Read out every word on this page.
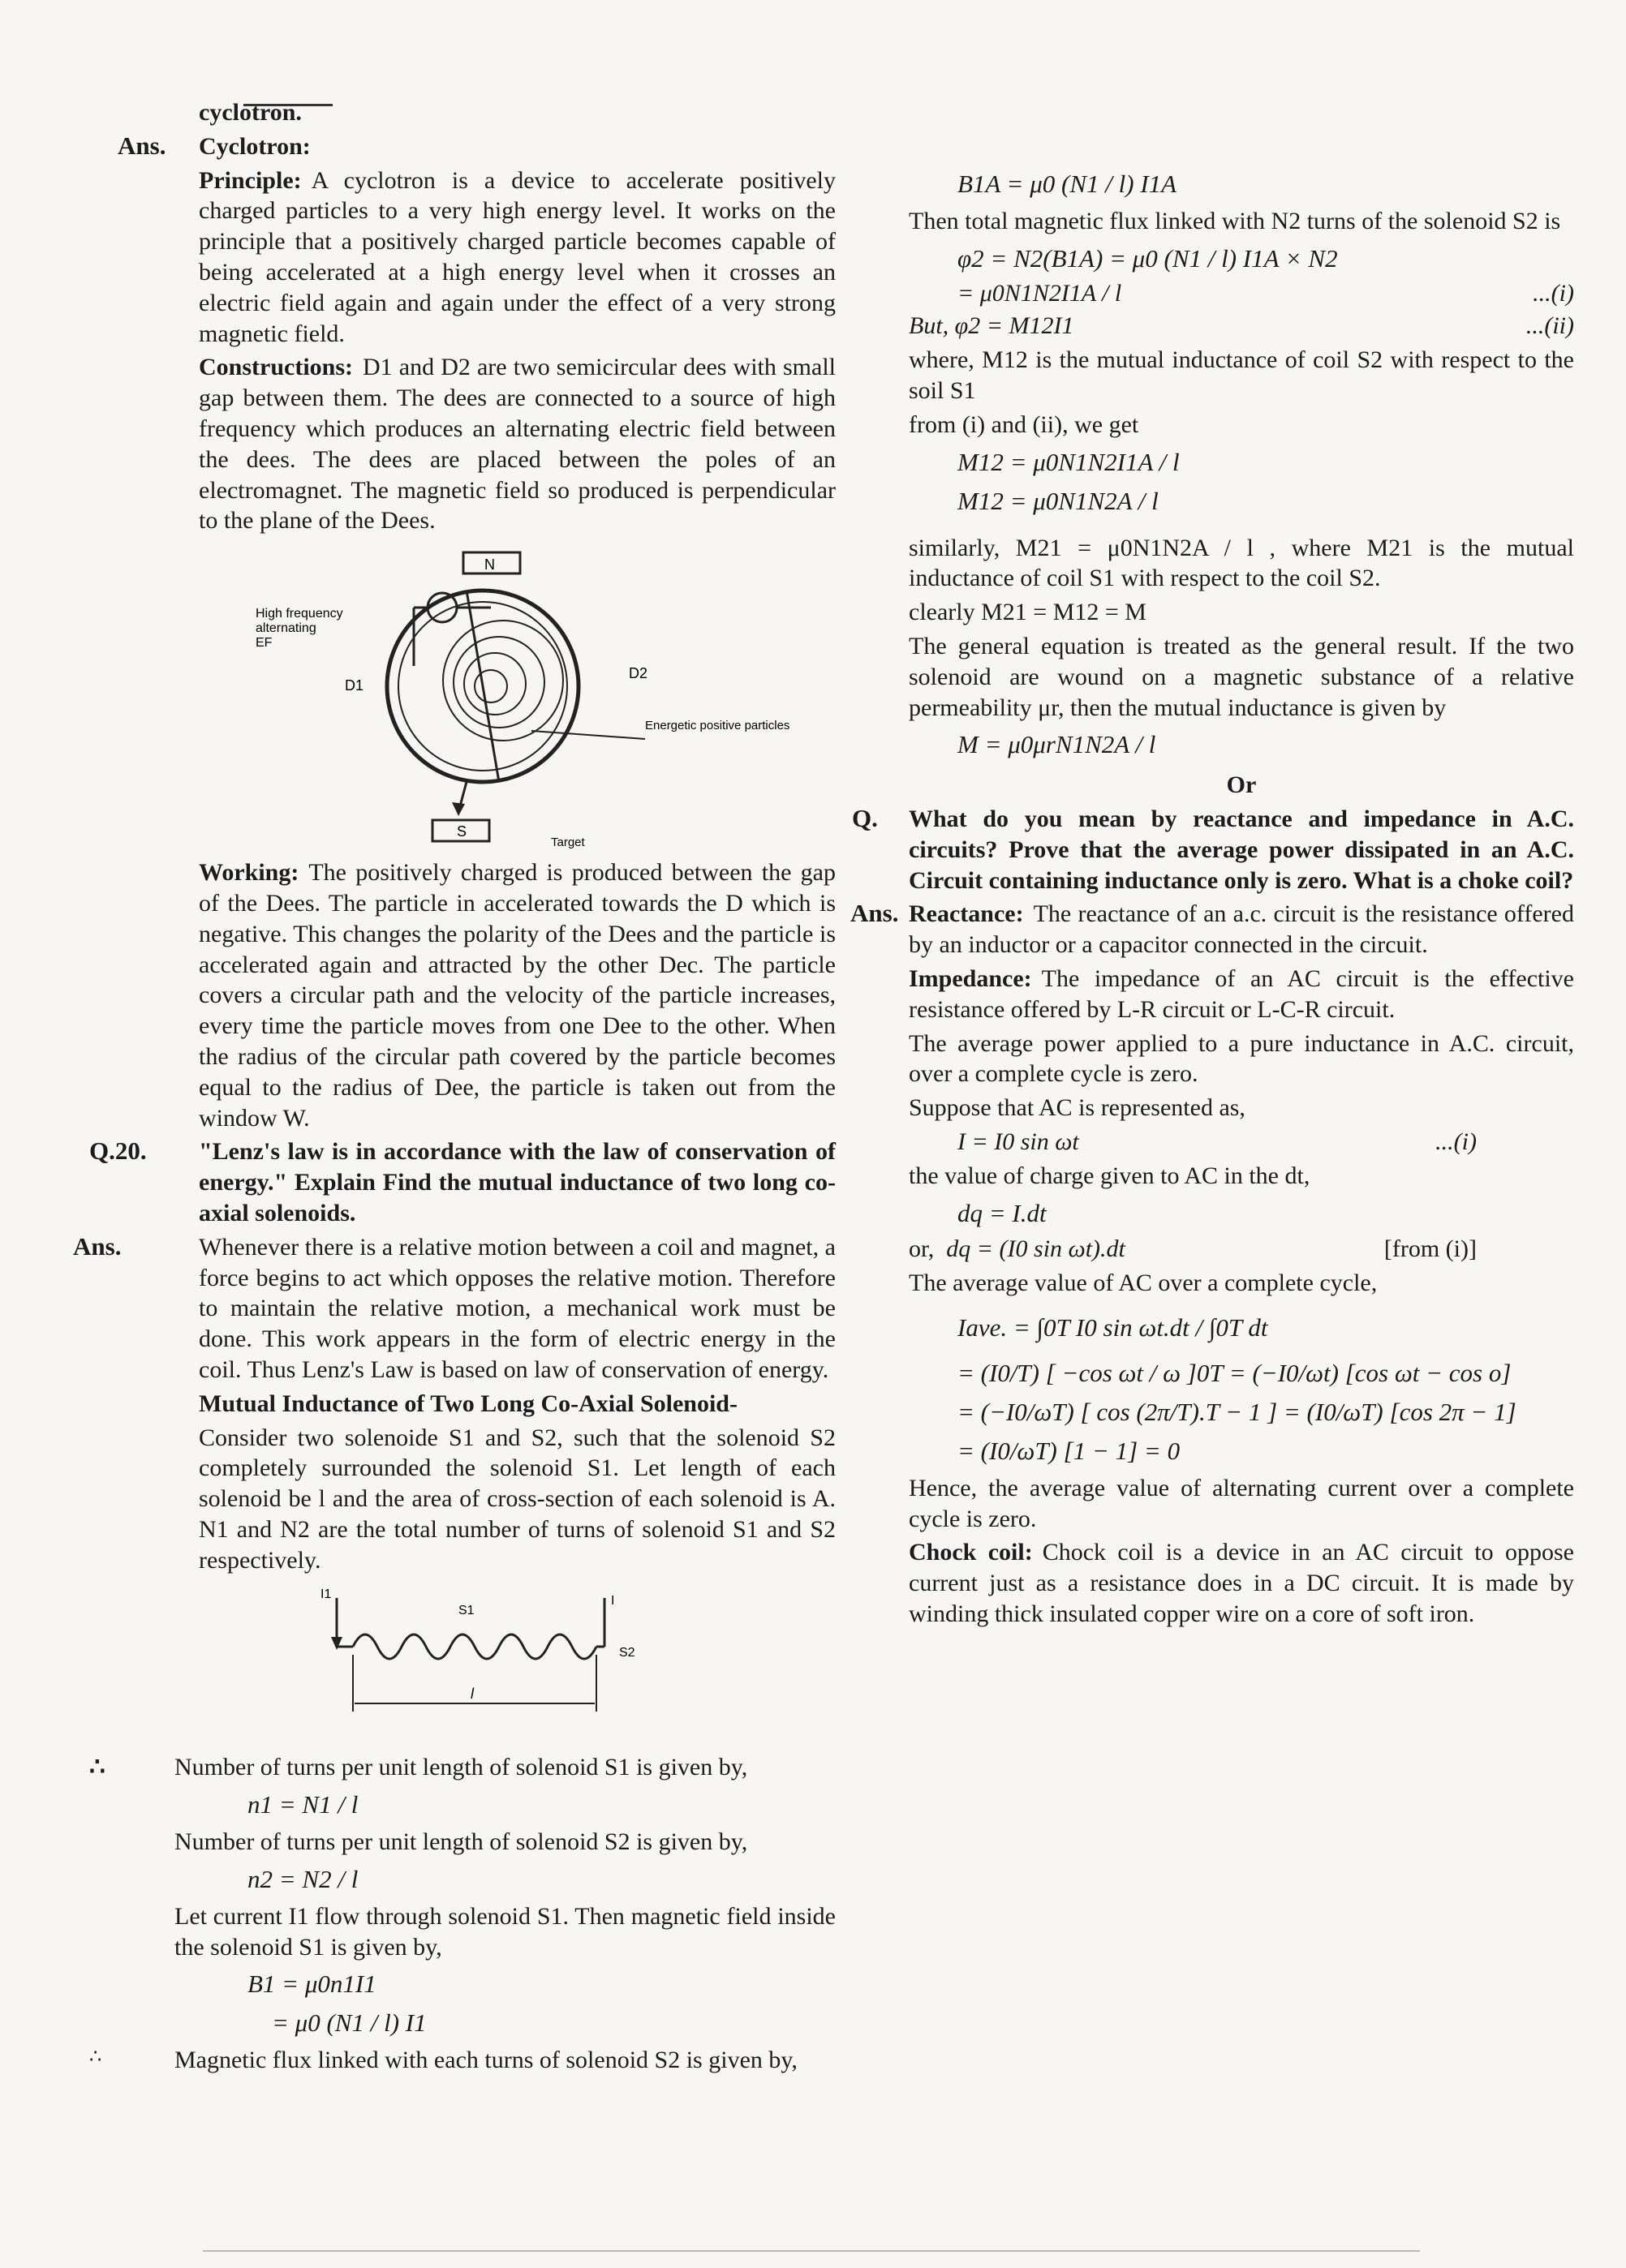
cyclotron.

Ans. Cyclotron:

Principle: A cyclotron is a device to accelerate positively charged particles to a very high energy level. It works on the principle that a positively charged particle becomes capable of being accelerated at a high energy level when it crosses an electric field again and again under the effect of a very strong magnetic field.

Constructions: D1 and D2 are two semicircular dees with small gap between them. The dees are connected to a source of high frequency which produces an alternating electric field between the dees. The dees are placed between the poles of an electromagnet. The magnetic field so produced is perpendicular to the plane of the Dees.

N
High frequency
alternating
EF
D1
D2
Energetic positive particles
S
Target

Working: The positively charged is produced between the gap of the Dees. The particle in accelerated towards the D which is negative. This changes the polarity of the Dees and the particle is accelerated again and attracted by the other Dec. The particle covers a circular path and the velocity of the particle increases, every time the particle moves from one Dee to the other. When the radius of the circular path covered by the particle becomes equal to the radius of Dee, the particle is taken out from the window W.

Q.20. "Lenz's law is in accordance with the law of conservation of energy." Explain Find the mutual inductance of two long co-axial solenoids.

Ans.	Whenever there is a relative motion between a coil and magnet, a force begins to act which opposes the relative motion. Therefore to maintain the relative motion, a mechanical work must be done. This work appears in the form of electric energy in the coil. Thus Lenz's Law is based on law of conservation of energy.

Mutual Inductance of Two Long Co-Axial Solenoid-

Consider two solenoide S1 and S2, such that the solenoid S2 completely surrounded the solenoid S1. Let length of each solenoid be l and the area of cross-section of each solenoid is A. N1 and N2 are the total number of turns of solenoid S1 and S2 respectively.

I1
S1
S2
I
l
∴	Number of turns per unit length of solenoid S1 is given by,

n1 = N1 / l

Number of turns per unit length of solenoid S2 is given by,

n2 = N2 / l

Let current I1 flow through solenoid S1. Then magnetic field inside the solenoid S1 is given by,

B1 = μ0n1I1

= μ0 (N1 / l) I1

∴	Magnetic flux linked with each turns of solenoid S2 is given by,

B1A = μ0 (N1 / l) I1A

Then total magnetic flux linked with N2 turns of the solenoid S2 is

φ2 = N2(B1A) = μ0 (N1 / l) I1A × N2

= μ0N1N2I1A / l	...(i)
But, φ2 = M12I1	...(ii)

where, M12 is the mutual inductance of coil S2 with respect to the soil S1

from (i) and (ii), we get

M12 = μ0N1N2I1A / l

M12 = μ0N1N2A / l

similarly, M21 = μ0N1N2A / l , where M21 is the mutual inductance of coil S1 with respect to the coil S2.

clearly M21 = M12 = M

The general equation is treated as the general result. If the two solenoid are wound on a magnetic substance of a relative permeability μr, then the mutual inductance is given by

M = μ0μrN1N2A / l

Or

Q. What do you mean by reactance and impedance in A.C. circuits? Prove that the average power dissipated in an A.C. Circuit containing inductance only is zero. What is a choke coil?

Ans. Reactance: The reactance of an a.c. circuit is the resistance offered by an inductor or a capacitor connected in the circuit.

Impedance: The impedance of an AC circuit is the effective resistance offered by L-R circuit or L-C-R circuit.

The average power applied to a pure inductance in A.C. circuit, over a complete cycle is zero.

Suppose that AC is represented as,

I = I0 sin ωt	...(i)

the value of charge given to AC in the dt,

dq = I.dt

or, dq = (I0 sin ωt).dt	[from (i)]

The average value of AC over a complete cycle,

Iave. = ∫0T I0 sin ωt.dt / ∫0T dt

= (I0/T) [ −cos ωt / ω ]0T = (−I0/ωt) [cos ωt − cos o]

= (−I0/ωT) [ cos (2π/T).T − 1 ] = (I0/ωT) [cos 2π − 1]

= (I0/ωT) [1 − 1] = 0

Hence, the average value of alternating current over a complete cycle is zero.

Chock coil: Chock coil is a device in an AC circuit to oppose current just as a resistance does in a DC circuit. It is made by winding thick insulated copper wire on a core of soft iron.
